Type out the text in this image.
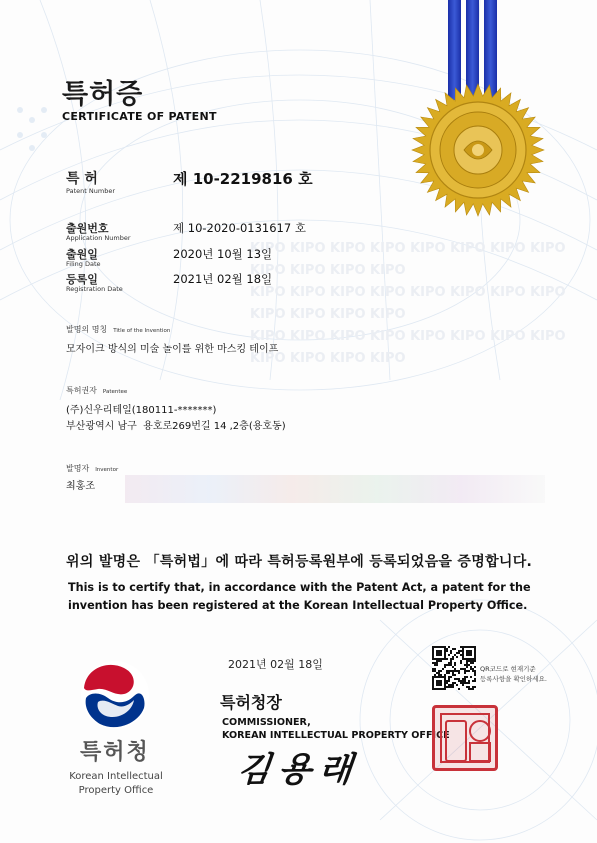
KIPO KIPO KIPO KIPO KIPO KIPO KIPO KIPO KIPO KIPO KIPO KIPO
KIPO KIPO KIPO KIPO KIPO KIPO KIPO KIPO KIPO KIPO KIPO KIPO
KIPO KIPO KIPO KIPO KIPO KIPO KIPO KIPO KIPO KIPO KIPO KIPO
특허증
CERTIFICATE OF PATENT
특 허
Patent Number
제 10-2219816 호
출원번호
Application Number
제 10-2020-0131617 호
출원일
Filing Date
2020년 10월 13일
등록일
Registration Date
2021년 02월 18일
발명의 명칭 Title of the Invention
모자이크 방식의 미술 놀이를 위한 마스킹 테이프
특허권자 Patentee
(주)신우리테일(180111-*******)
부산광역시 남구  용호로269번길 14 ,2층(용호동)
발명자 Inventor
최홍조
위의 발명은 「특허법」에 따라 특허등록원부에 등록되었음을 증명합니다.
This is to certify that, in accordance with the Patent Act, a patent for the invention has been registered at the Korean Intellectual Property Office.
2021년 02월 18일
특허청장
COMMISSIONER,
KOREAN INTELLECTUAL PROPERTY OFFICE
김 용 래
QR코드로 현재기준
등록사항을 확인하세요.
특허청
Korean Intellectual
Property Office
